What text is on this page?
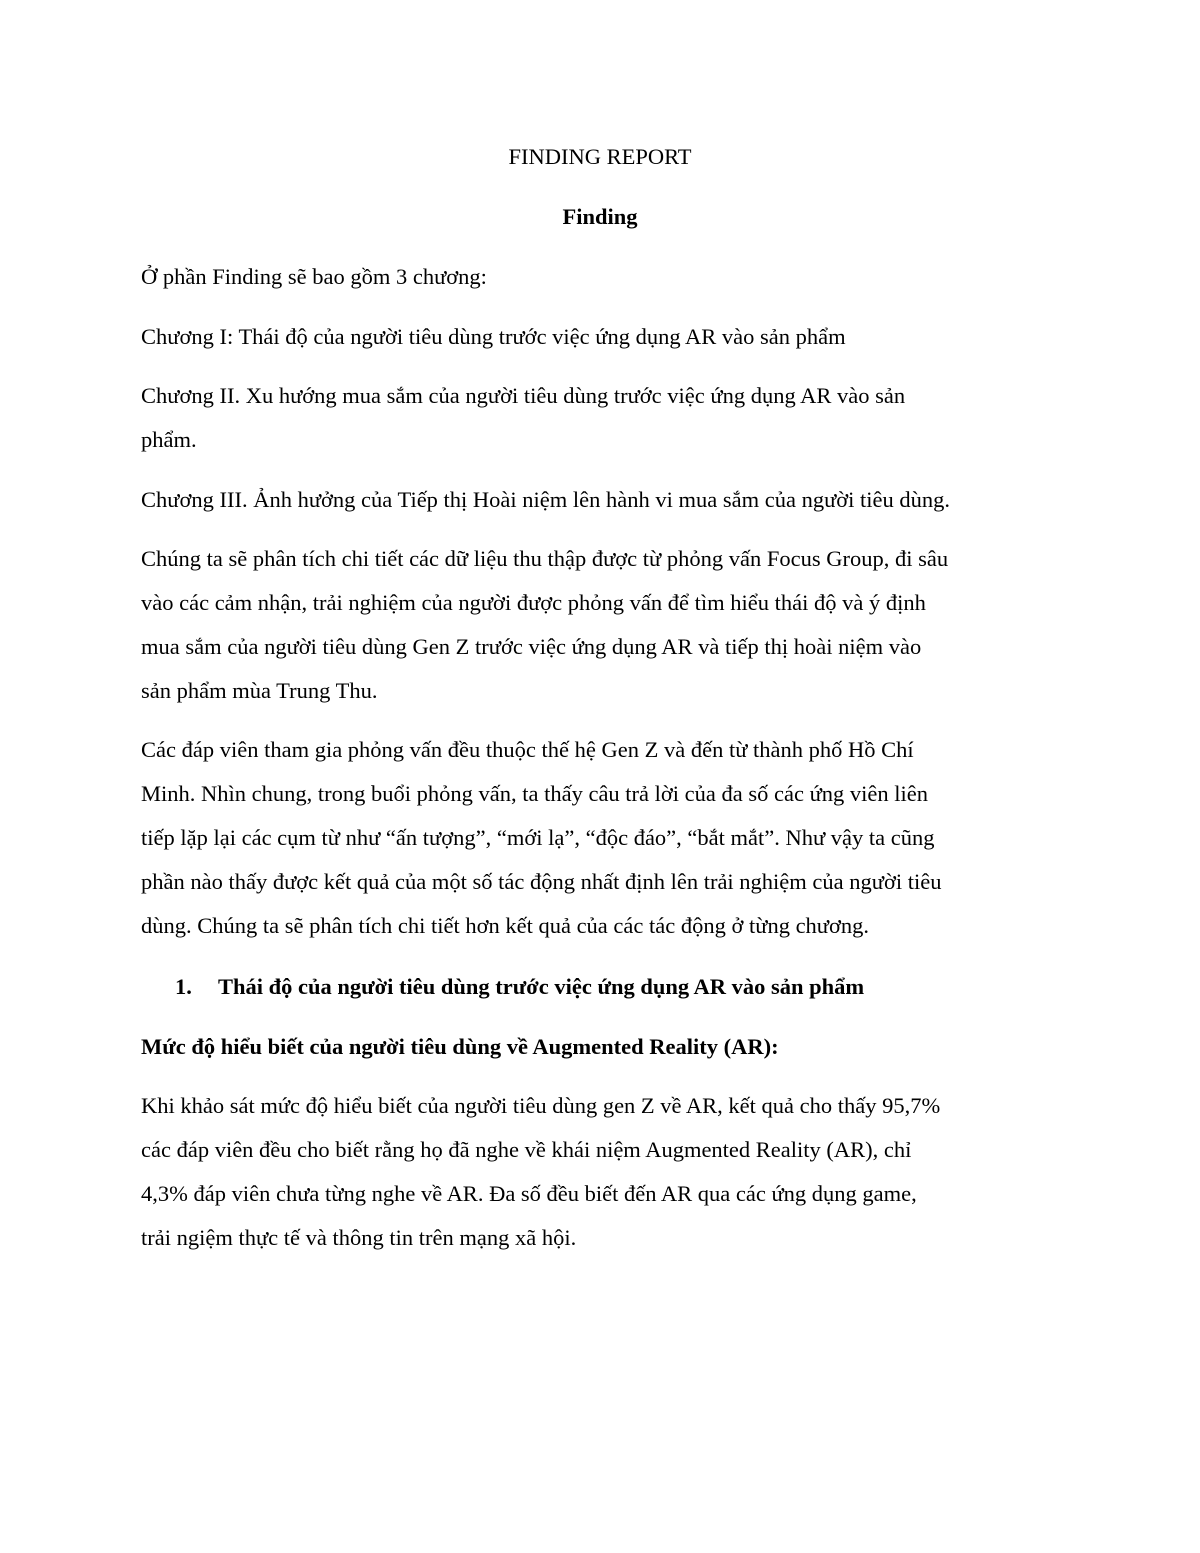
FINDING REPORT

Finding

Ở phần Finding sẽ bao gồm 3 chương:

Chương I: Thái độ của người tiêu dùng trước việc ứng dụng AR vào sản phẩm

Chương II. Xu hướng mua sắm của người tiêu dùng trước việc ứng dụng AR vào sản

phẩm.

Chương III. Ảnh hưởng của Tiếp thị Hoài niệm lên hành vi mua sắm của người tiêu dùng.

Chúng ta sẽ phân tích chi tiết các dữ liệu thu thập được từ phỏng vấn Focus Group, đi sâu
vào các cảm nhận, trải nghiệm của người được phỏng vấn để tìm hiểu thái độ và ý định
mua sắm của người tiêu dùng Gen Z trước việc ứng dụng AR và tiếp thị hoài niệm vào
sản phẩm mùa Trung Thu.
Các đáp viên tham gia phỏng vấn đều thuộc thế hệ Gen Z và đến từ thành phố Hồ Chí
Minh. Nhìn chung, trong buổi phỏng vấn, ta thấy câu trả lời của đa số các ứng viên liên
tiếp lặp lại các cụm từ như “ấn tượng”, “mới lạ”, “độc đáo”, “bắt mắt”. Như vậy ta cũng
phần nào thấy được kết quả của một số tác động nhất định lên trải nghiệm của người tiêu
dùng. Chúng ta sẽ phân tích chi tiết hơn kết quả của các tác động ở từng chương.
1. Thái độ của người tiêu dùng trước việc ứng dụng AR vào sản phẩm

Mức độ hiểu biết của người tiêu dùng về Augmented Reality (AR):

Khi khảo sát mức độ hiểu biết của người tiêu dùng gen Z về AR, kết quả cho thấy 95,7%
các đáp viên đều cho biết rằng họ đã nghe về khái niệm Augmented Reality (AR), chỉ
4,3% đáp viên chưa từng nghe về AR. Đa số đều biết đến AR qua các ứng dụng game,
trải ngiệm thực tế và thông tin trên mạng xã hội.
